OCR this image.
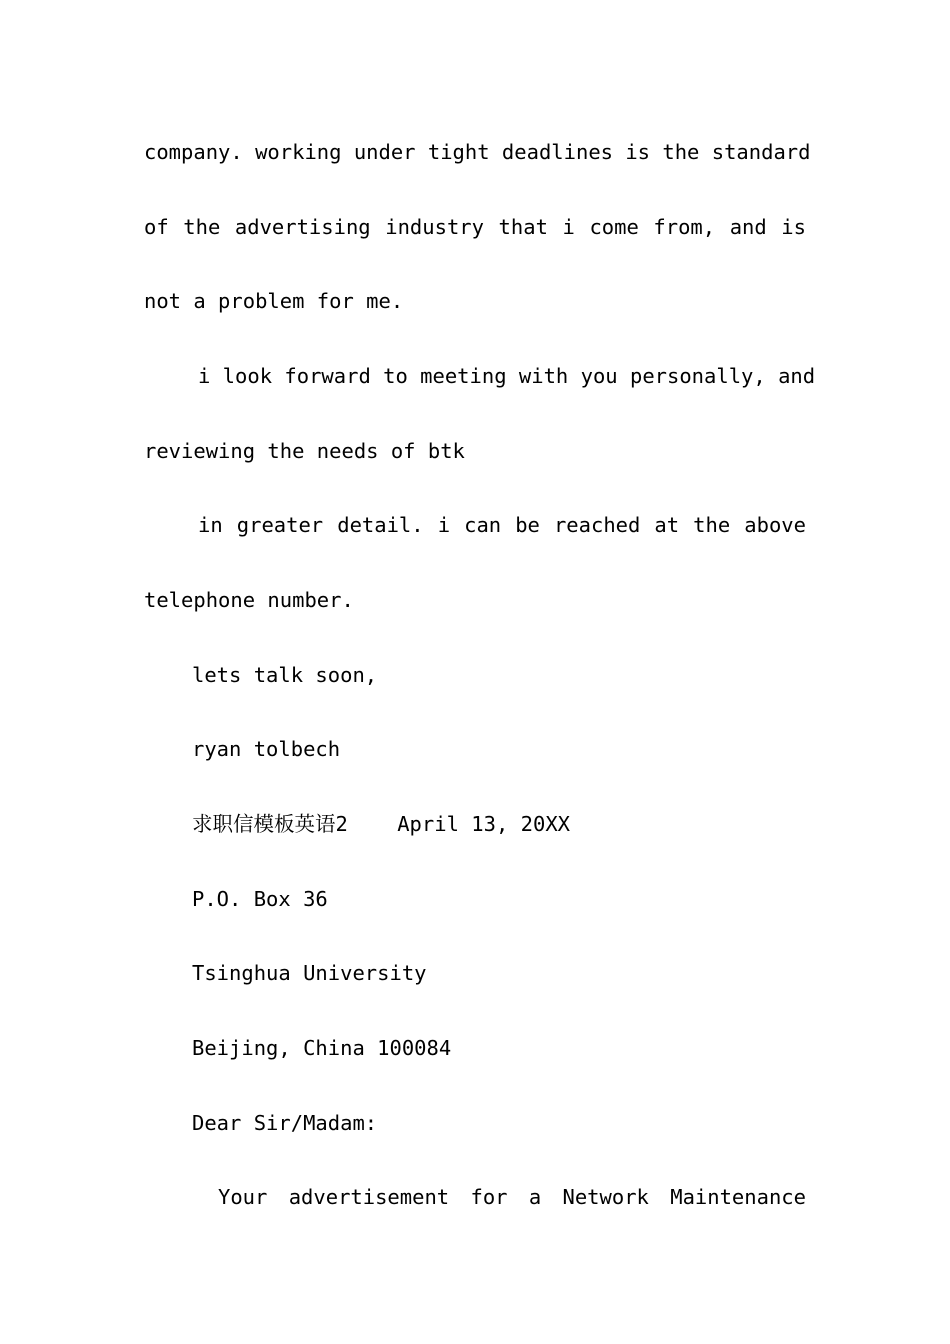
company. working under tight deadlines is the standard
of the advertising industry that i come from, and is
not a problem for me.
i look forward to meeting with you personally, and
reviewing the needs of btk
in greater detail. i can be reached at the above
telephone number.
lets talk soon,
ryan tolbech
求职信模板英语2    April 13, 20XX
P.O. Box 36
Tsinghua University
Beijing, China 100084
Dear Sir/Madam:
Your advertisement for a Network Maintenance
